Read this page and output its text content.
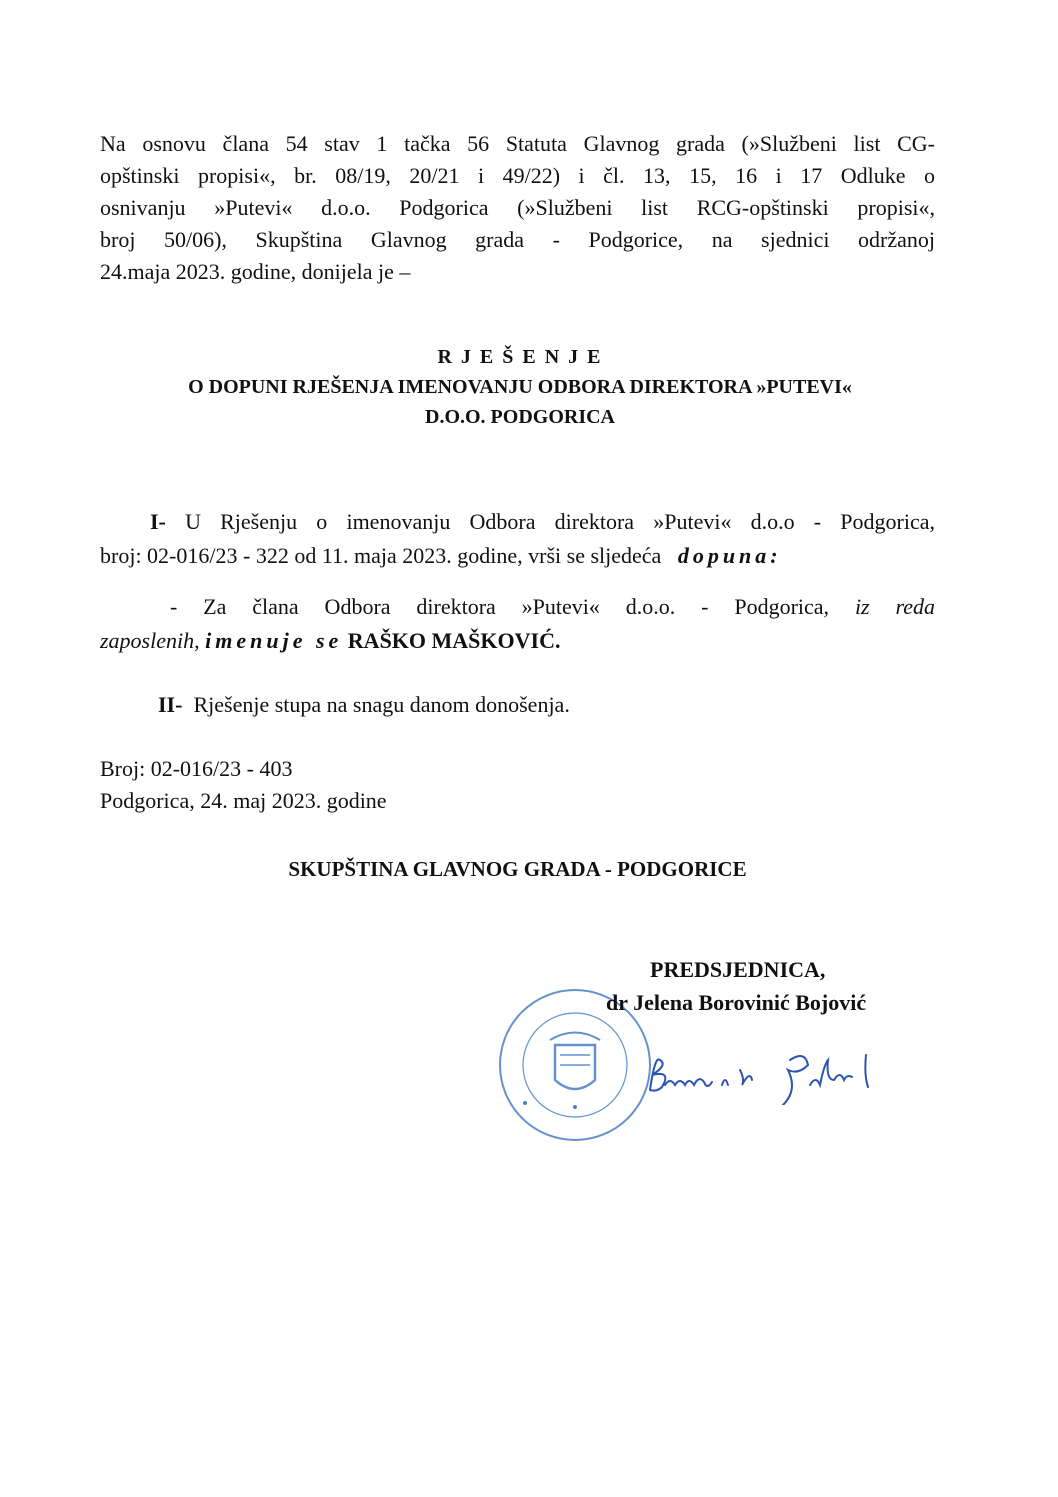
Na osnovu člana 54 stav 1 tačka 56 Statuta Glavnog grada (»Službeni list CG-
opštinski propisi«, br. 08/19, 20/21 i 49/22) i čl. 13, 15, 16 i 17 Odluke o
osnivanju »Putevi« d.o.o. Podgorica (»Službeni list RCG-opštinski propisi«,
broj 50/06), Skupština Glavnog grada - Podgorice, na sjednici održanoj
24.maja 2023. godine, donijela je –
R J E Š E N J E
O DOPUNI RJEŠENJA IMENOVANJU ODBORA DIREKTORA »PUTEVI«
D.O.O. PODGORICA
I- U Rješenju o imenovanju Odbora direktora »Putevi« d.o.o - Podgorica,
broj: 02-016/23 - 322 od 11. maja 2023. godine, vrši se sljedeća dopuna:
- Za člana Odbora direktora »Putevi« d.o.o. - Podgorica, iz reda
zaposlenih, imenuje se RAŠKO MAŠKOVIĆ.
II- Rješenje stupa na snagu danom donošenja.
Broj: 02-016/23 - 403
Podgorica, 24. maj 2023. godine
SKUPŠTINA GLAVNOG GRADA - PODGORICE
PREDSJEDNICA,
dr Jelena Borovinić Bojović
